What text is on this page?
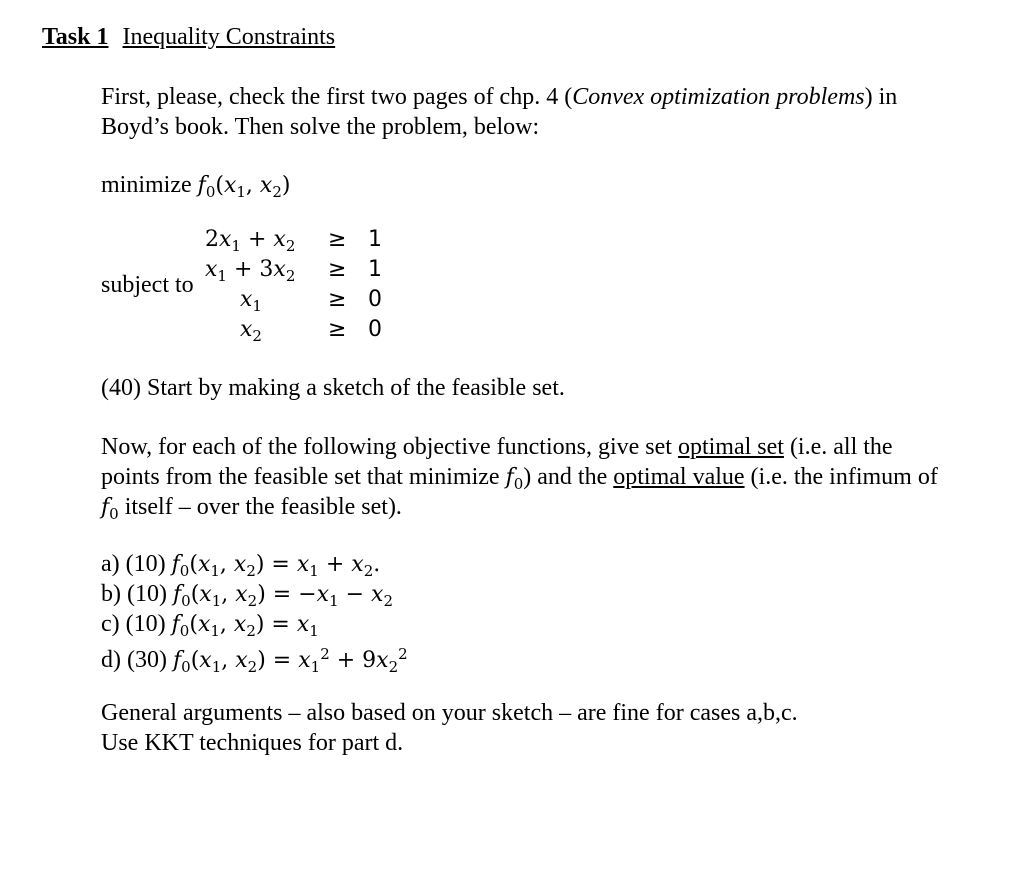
Task 1 Inequality Constraints
First, please, check the first two pages of chp. 4 (Convex optimization problems) in
Boyd’s book. Then solve the problem, below:
minimize $f_0(x_1$, $x_2$)
subject to
$2x_1 + x_2$
$x_1 + 3x_2$
$x_1$
$x_2$
≥
≥
≥
≥
1
1
0
0
(40) Start by making a sketch of the feasible set.
Now, for each of the following objective functions, give set optimal set (i.e. all the
points from the feasible set that minimize $f_0$) and the optimal value (i.e. the infimum of
$f_0$ itself – over the feasible set).
a) (10) $f_0(x_1$, $x_2) = x_1 + x_2$.
b) (10) $f_0(x_1$, $x_2) = -x_1 - x_2$
c) (10) $f_0(x_1$, $x_2) = x_1$
d) (30) $f_0(x_1$, $x_2) = x_1^2 + 9x_2^2$
General arguments – also based on your sketch – are fine for cases a,b,c.
Use KKT techniques for part d.
